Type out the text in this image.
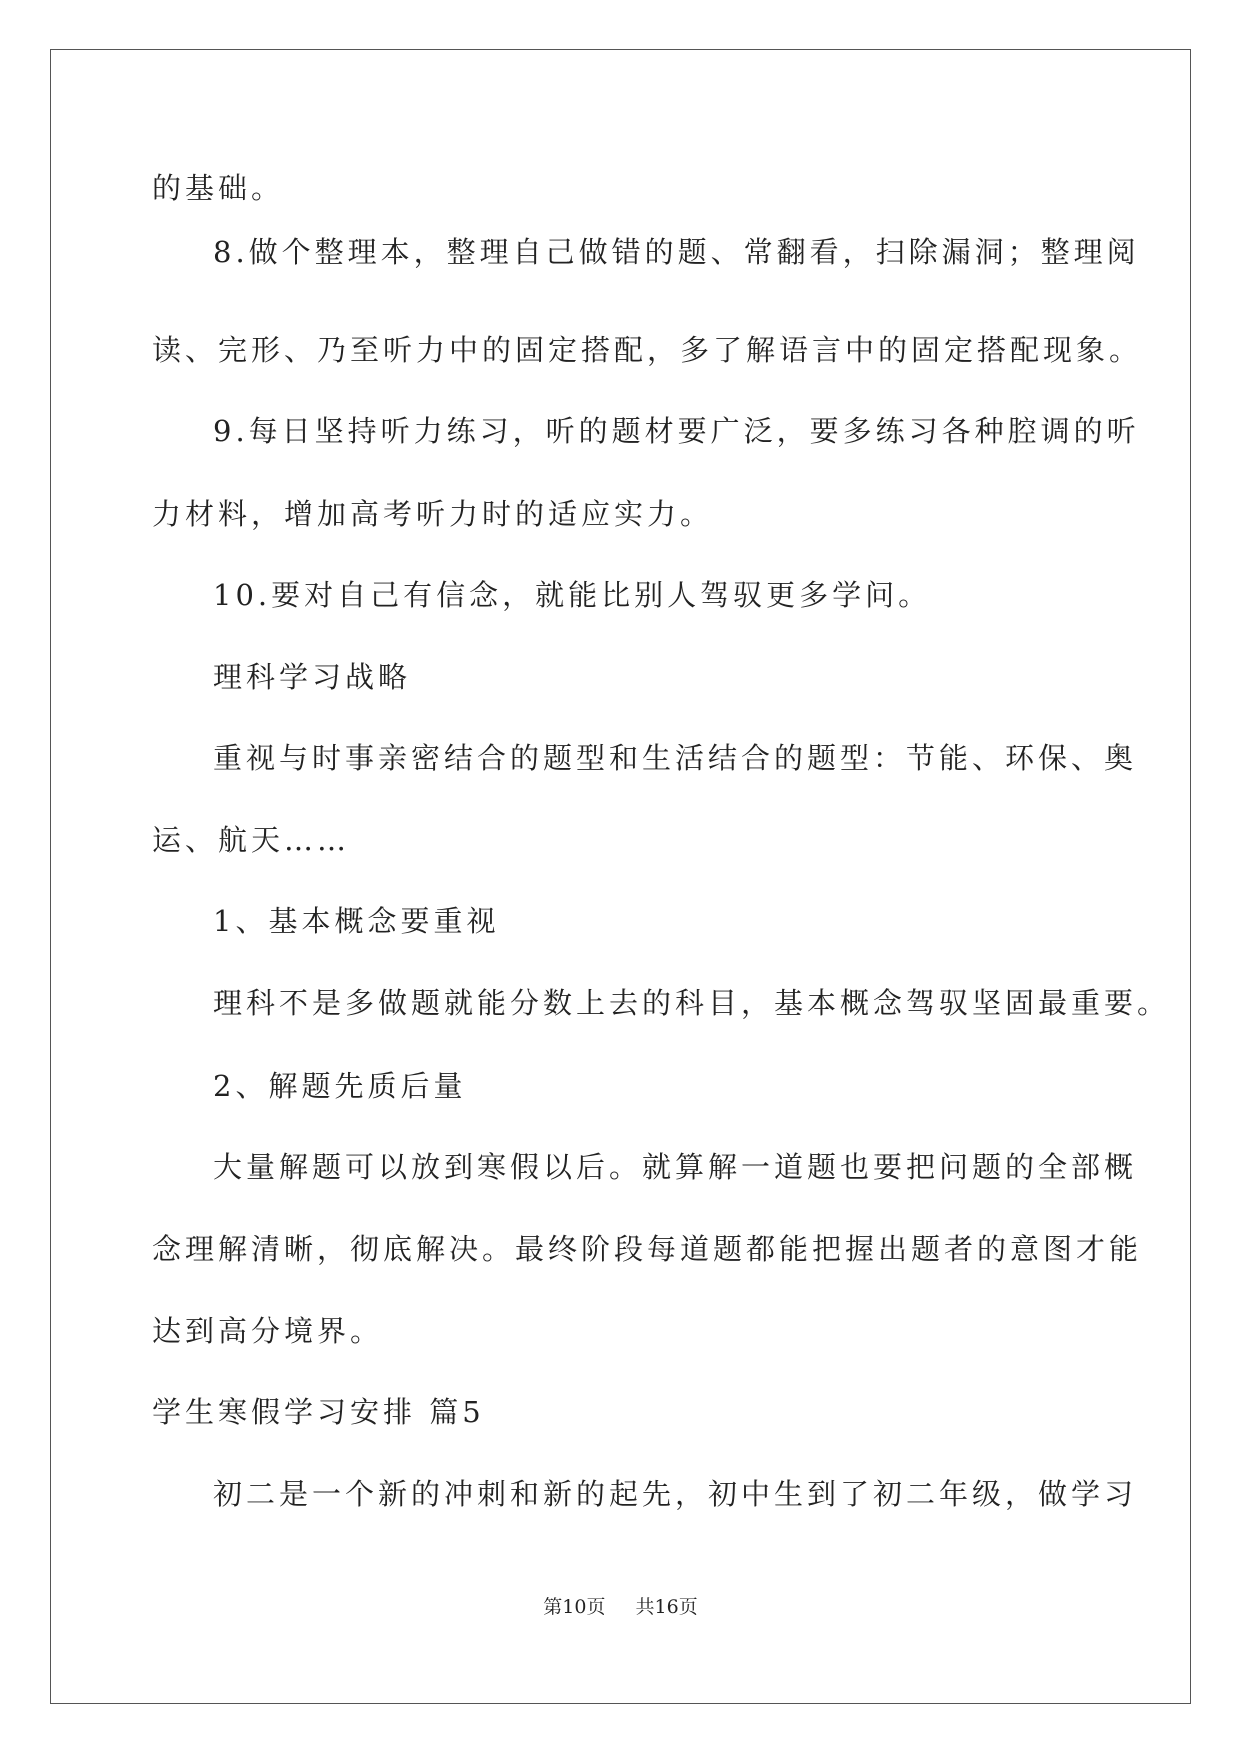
的基础。

8.做个整理本，整理自己做错的题、常翻看，扫除漏洞；整理阅

读、完形、乃至听力中的固定搭配，多了解语言中的固定搭配现象。

9.每日坚持听力练习，听的题材要广泛，要多练习各种腔调的听

力材料，增加高考听力时的适应实力。

10.要对自己有信念，就能比别人驾驭更多学问。

理科学习战略

重视与时事亲密结合的题型和生活结合的题型：节能、环保、奥

运、航天……

1、基本概念要重视

理科不是多做题就能分数上去的科目，基本概念驾驭坚固最重要。

2、解题先质后量

大量解题可以放到寒假以后。就算解一道题也要把问题的全部概

念理解清晰，彻底解决。最终阶段每道题都能把握出题者的意图才能

达到高分境界。

学生寒假学习安排 篇5

初二是一个新的冲刺和新的起先，初中生到了初二年级，做学习

第10页 共16页
